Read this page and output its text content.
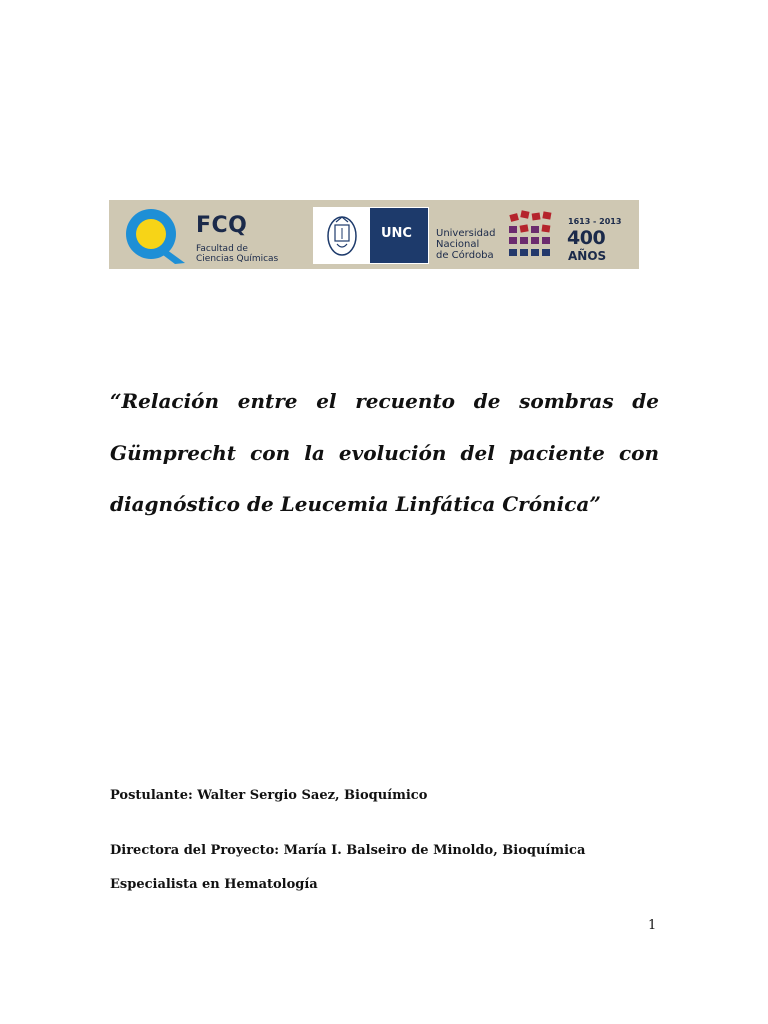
FCQ
Facultad de
Ciencias Químicas
UNC Universidad
Nacional
de Córdoba
1613 - 2013
400
AÑOS

“Relación entre el recuento de sombras de Gümprecht con la evolución del paciente con diagnóstico de Leucemia Linfática Crónica”

Postulante: Walter Sergio Saez, Bioquímico

Directora del Proyecto: María I. Balseiro de Minoldo, Bioquímica Especialista en Hematología

1
